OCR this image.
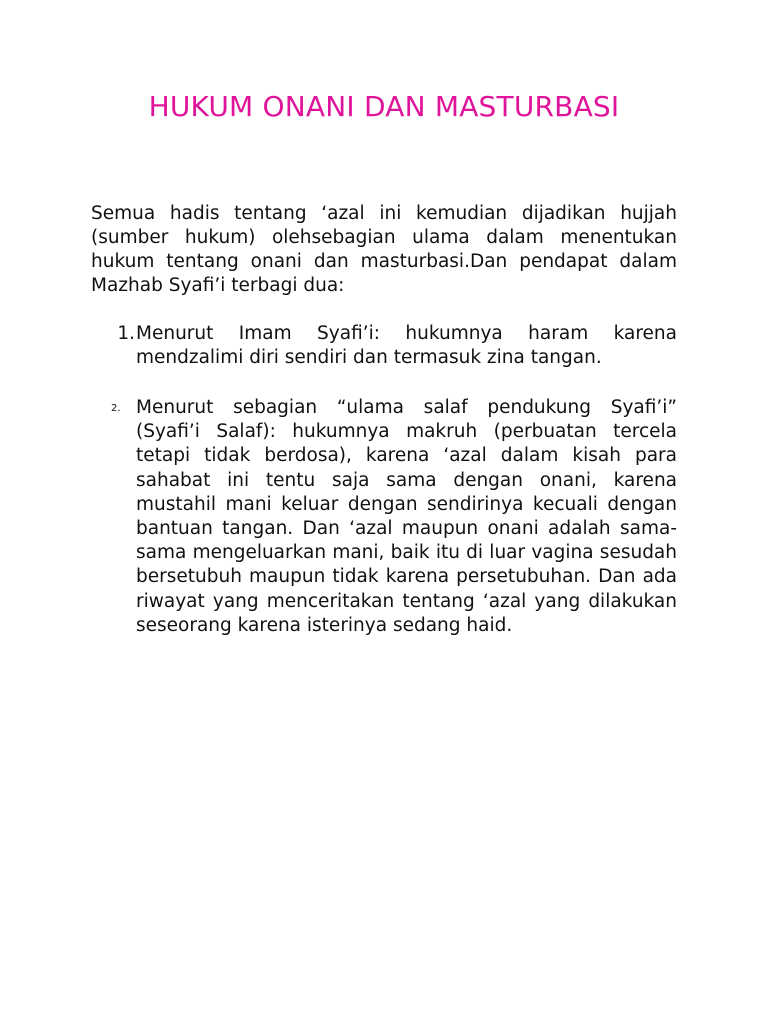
HUKUM ONANI DAN MASTURBASI

Semua hadis tentang ‘azal ini kemudian dijadikan hujjah (sumber hukum) olehsebagian ulama dalam menentukan hukum tentang onani dan masturbasi.Dan pendapat dalam Mazhab Syafi’i terbagi dua:

1. Menurut Imam Syafi’i: hukumnya haram karena mendzalimi diri sendiri dan termasuk zina tangan.
2. Menurut sebagian “ulama salaf pendukung Syafi’i” (Syafi’i Salaf): hukumnya makruh (perbuatan tercela tetapi tidak berdosa), karena ‘azal dalam kisah para sahabat ini tentu saja sama dengan onani, karena mustahil mani keluar dengan sendirinya kecuali dengan bantuan tangan. Dan ‘azal maupun onani adalah sama-sama mengeluarkan mani, baik itu di luar vagina sesudah bersetubuh maupun tidak karena persetubuhan. Dan ada riwayat yang menceritakan tentang ‘azal yang dilakukan seseorang karena isterinya sedang haid.
